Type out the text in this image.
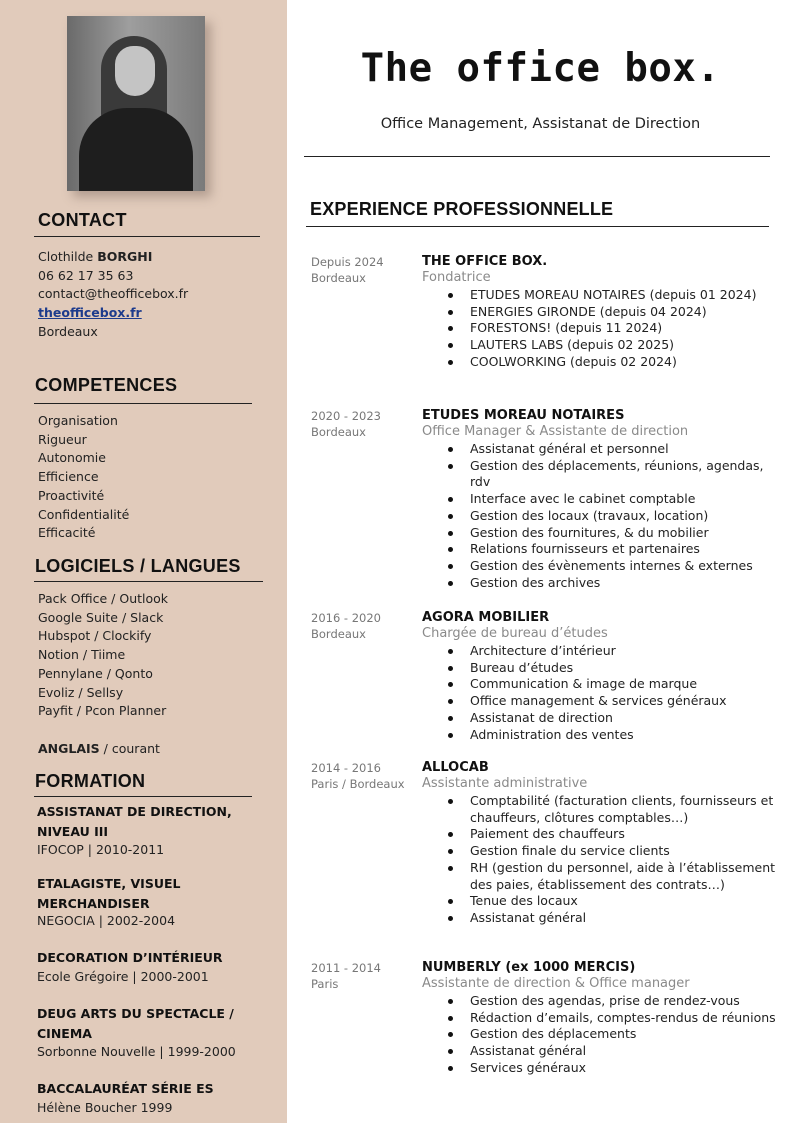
CONTACT
Clothilde BORGHI
06 62 17 35 63
contact@theofficebox.fr
theofficebox.fr
Bordeaux
COMPETENCES
Organisation
Rigueur
Autonomie
Efficience
Proactivité
Confidentialité
Efficacité
LOGICIELS / LANGUES
Pack Office / Outlook
Google Suite / Slack
Hubspot / Clockify
Notion / Tiime
Pennylane / Qonto
Evoliz / Sellsy
Payfit / Pcon Planner
ANGLAIS / courant
FORMATION
ASSISTANAT DE DIRECTION, NIVEAU III
IFOCOP | 2010-2011
ETALAGISTE, VISUEL MERCHANDISER
NEGOCIA | 2002-2004
DECORATION D’INTÉRIEUR
Ecole Grégoire | 2000-2001
DEUG ARTS DU SPECTACLE / CINEMA
Sorbonne Nouvelle | 1999-2000
BACCALAURÉAT SÉRIE ES
Hélène Boucher 1999
The office box.
Office Management, Assistanat de Direction
EXPERIENCE PROFESSIONNELLE
Depuis 2024
Bordeaux
THE OFFICE BOX.
Fondatrice
ETUDES MOREAU NOTAIRES (depuis 01 2024)
ENERGIES GIRONDE (depuis 04 2024)
FORESTONS! (depuis 11 2024)
LAUTERS LABS (depuis 02 2025)
COOLWORKING (depuis 02 2024)
2020 - 2023
Bordeaux
ETUDES MOREAU NOTAIRES
Office Manager & Assistante de direction
Assistanat général et personnel
Gestion des déplacements, réunions, agendas, rdv
Interface avec le cabinet comptable
Gestion des locaux (travaux, location)
Gestion des fournitures, & du mobilier
Relations fournisseurs et partenaires
Gestion des évènements internes & externes
Gestion des archives
2016 - 2020
Bordeaux
AGORA MOBILIER
Chargée de bureau d’études
Architecture d’intérieur
Bureau d’études
Communication & image de marque
Office management & services généraux
Assistanat de direction
Administration des ventes
2014 - 2016
Paris / Bordeaux
ALLOCAB
Assistante administrative
Comptabilité (facturation clients, fournisseurs et chauffeurs, clôtures comptables…)
Paiement des chauffeurs
Gestion finale du service clients
RH (gestion du personnel, aide à l’établissement des paies, établissement des contrats…)
Tenue des locaux
Assistanat général
2011 - 2014
Paris
NUMBERLY (ex 1000 MERCIS)
Assistante de direction & Office manager
Gestion des agendas, prise de rendez-vous
Rédaction d’emails, comptes-rendus de réunions
Gestion des déplacements
Assistanat général
Services généraux
